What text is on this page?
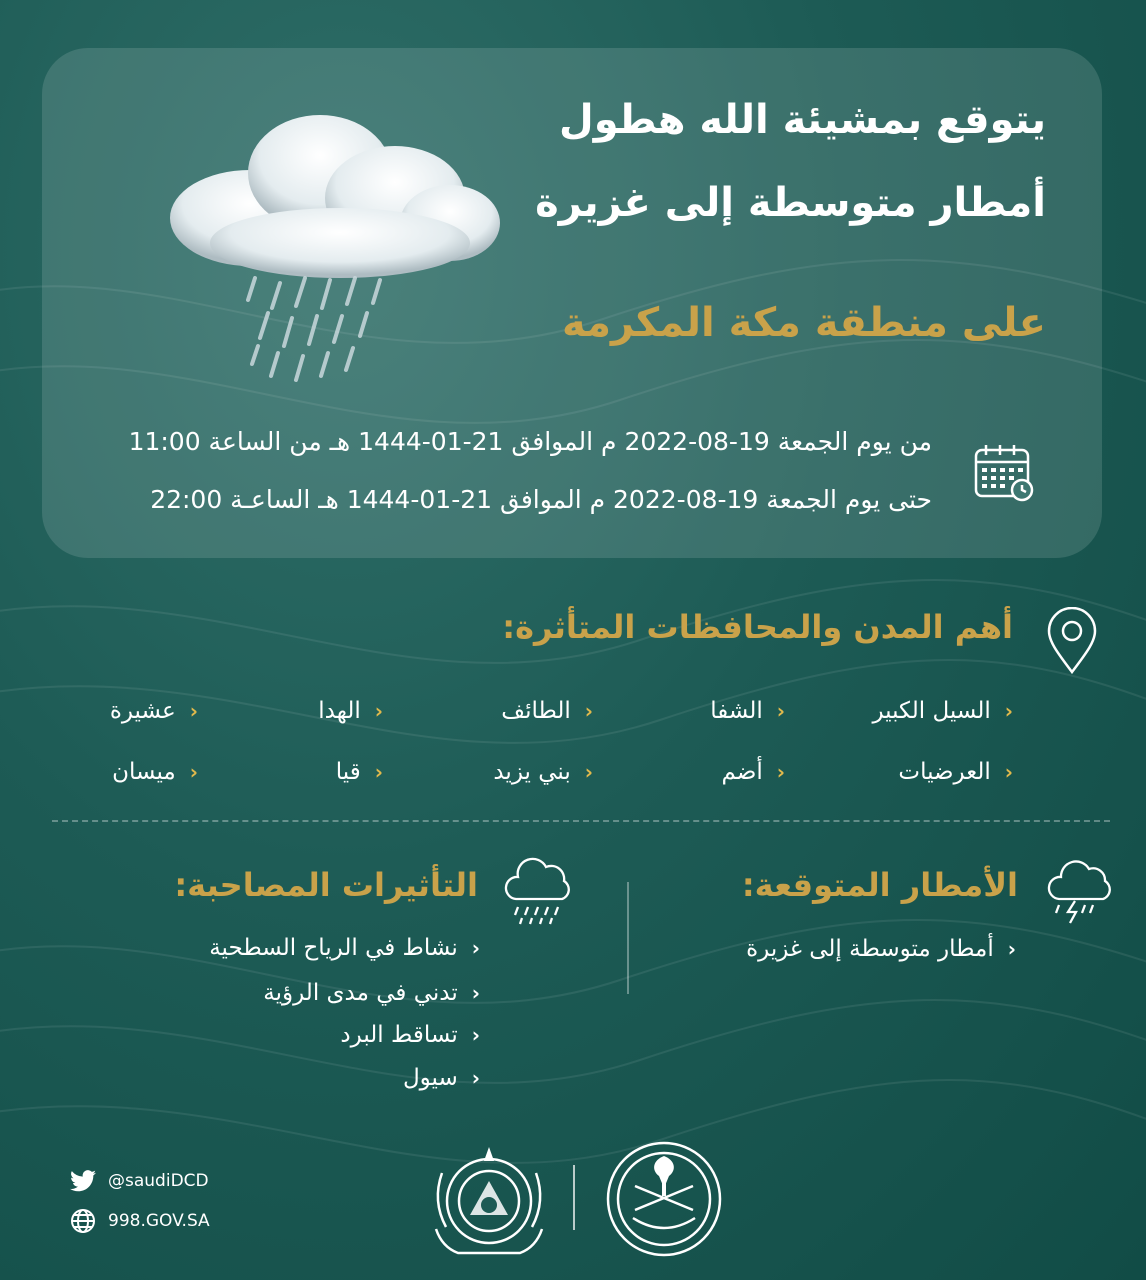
يتوقع بمشيئة الله هطول
أمطار متوسطة إلى غزيرة
على منطقة مكة المكرمة
من يوم الجمعة 19-08-2022 م الموافق 21-01-1444 هـ من الساعة 11:00
حتى يوم الجمعة 19-08-2022 م الموافق 21-01-1444 هـ الساعـة 22:00
أهم المدن والمحافظات المتأثرة:
‹
السيل الكبير
‹
الشفا
‹
الطائف
‹
الهدا
‹
عشيرة
‹
العرضيات
‹
أضم
‹
بني يزيد
‹
قيا
‹
ميسان
الأمطار المتوقعة:
‹
أمطار متوسطة إلى غزيرة
التأثيرات المصاحبة:
‹
نشاط في الرياح السطحية
‹
تدني في مدى الرؤية
‹
تساقط البرد
‹
سيول
@saudiDCD
998.GOV.SA
